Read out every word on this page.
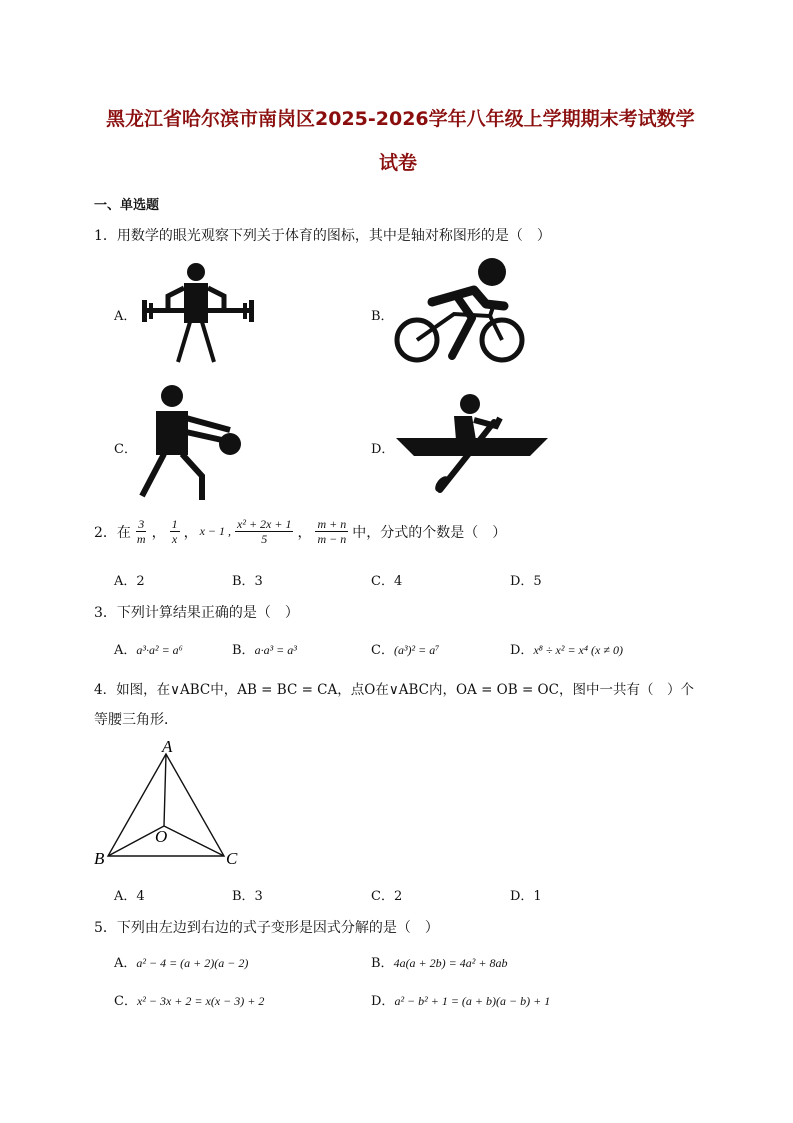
黑龙江省哈尔滨市南岗区2025-2026学年八年级上学期期末考试数学
试卷
一、单选题
1．用数学的眼光观察下列关于体育的图标，其中是轴对称图形的是（　）
A．	B．
C．	D．
2．在 $\frac{3}{m}$ ， $\frac{1}{x}$ ， x − 1 , $\frac{\text{x² + 2x + 1}}{5}$ ， $\frac{m + n}{m - n}$ 中，分式的个数是（　）
A．2	B．3	C．4	D．5
3．下列计算结果正确的是（　）
A．a³·a² = a⁶	B．a·a³ = a³	C．(a³)² = a⁷	D．x⁸ ÷ x² = x⁴ (x ≠ 0)
4．如图，在∨ABC中，AB = BC = CA，点O在∨ABC内，OA = OB = OC，图中一共有（　）个
等腰三角形．
A
B	C
O
A．4	B．3	C．2	D．1
5．下列由左边到右边的式子变形是因式分解的是（　）
A．a² − 4 = (a + 2)(a − 2)	B．4a(a + 2b) = 4a² + 8ab
C．x² − 3x + 2 = x(x − 3) + 2	D．a² − b² + 1 = (a + b)(a − b) + 1
